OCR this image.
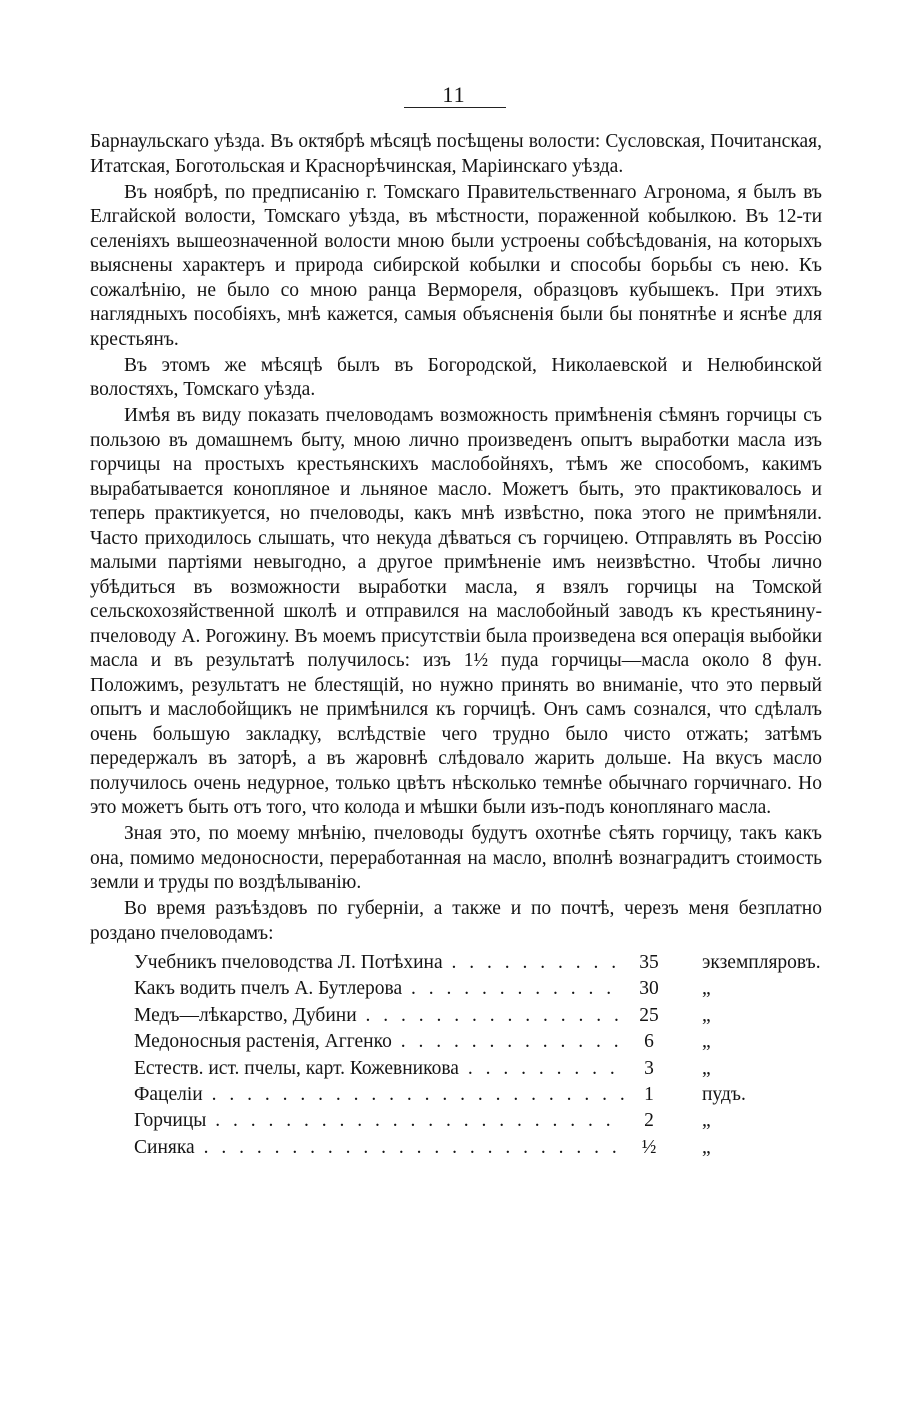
11

Барнаульскаго уѣзда. Въ октябрѣ мѣсяцѣ посѣщены волости: Сусловская, Почитанская, Итатская, Боготольская и Краснорѣчинская, Маріинскаго уѣзда.

Въ ноябрѣ, по предписанію г. Томскаго Правительственнаго Агронома, я былъ въ Елгайской волости, Томскаго уѣзда, въ мѣстности, пораженной кобылкою. Въ 12-ти селеніяхъ вышеозначенной волости мною были устроены собѣсѣдованія, на которыхъ выяснены характеръ и природа сибирской кобылки и способы борьбы съ нею. Къ сожалѣнію, не было со мною ранца Вермореля, образцовъ кубышекъ. При этихъ наглядныхъ пособіяхъ, мнѣ кажется, самыя объясненія были бы понятнѣе и яснѣе для крестьянъ.

Въ этомъ же мѣсяцѣ былъ въ Богородской, Николаевской и Нелюбинской волостяхъ, Томскаго уѣзда.

Имѣя въ виду показать пчеловодамъ возможность примѣненія сѣмянъ горчицы съ пользою въ домашнемъ быту, мною лично произведенъ опытъ выработки масла изъ горчицы на простыхъ крестьянскихъ маслобойняхъ, тѣмъ же способомъ, какимъ вырабатывается конопляное и льняное масло. Можетъ быть, это практиковалось и теперь практикуется, но пчеловоды, какъ мнѣ извѣстно, пока этого не примѣняли. Часто приходилось слышать, что некуда дѣваться съ горчицею. Отправлять въ Россію малыми партіями невыгодно, а другое примѣненіе имъ неизвѣстно. Чтобы лично убѣдиться въ возможности выработки масла, я взялъ горчицы на Томской сельскохозяйственной школѣ и отправился на маслобойный заводъ къ крестьянину-пчеловоду А. Рогожину. Въ моемъ присутствіи была произведена вся операція выбойки масла и въ результатѣ получилось: изъ 1½ пуда горчицы—масла около 8 фун. Положимъ, результатъ не блестящій, но нужно принять во вниманіе, что это первый опытъ и маслобойщикъ не примѣнился къ горчицѣ. Онъ самъ сознался, что сдѣлалъ очень большую закладку, вслѣдствіе чего трудно было чисто отжать; затѣмъ передержалъ въ заторѣ, а въ жаровнѣ слѣдовало жарить дольше. На вкусъ масло получилось очень недурное, только цвѣтъ нѣсколько темнѣе обычнаго горчичнаго. Но это можетъ быть отъ того, что колода и мѣшки были изъ-подъ коноплянаго масла.

Зная это, по моему мнѣнію, пчеловоды будутъ охотнѣе сѣять горчицу, такъ какъ она, помимо медоносности, переработанная на масло, вполнѣ вознаградитъ стоимость земли и труды по воздѣлыванію.

Во время разъѣздовъ по губерніи, а также и по почтѣ, черезъ меня безплатно роздано пчеловодамъ:

Учебникъ пчеловодства Л. Потѣхина . . .	35	экземпляровъ.
Какъ водить пчелъ А. Бутлерова . . .	30	„
Медъ—лѣкарство, Дубини . . .	25	„
Медоносныя растенія, Аггенко . . .	6	„
Естеств. ист. пчелы, карт. Кожевникова . . .	3	„
Фацеліи . . .	1	пудъ.
Горчицы . . .	2	„
Синяка . . .	½	„
